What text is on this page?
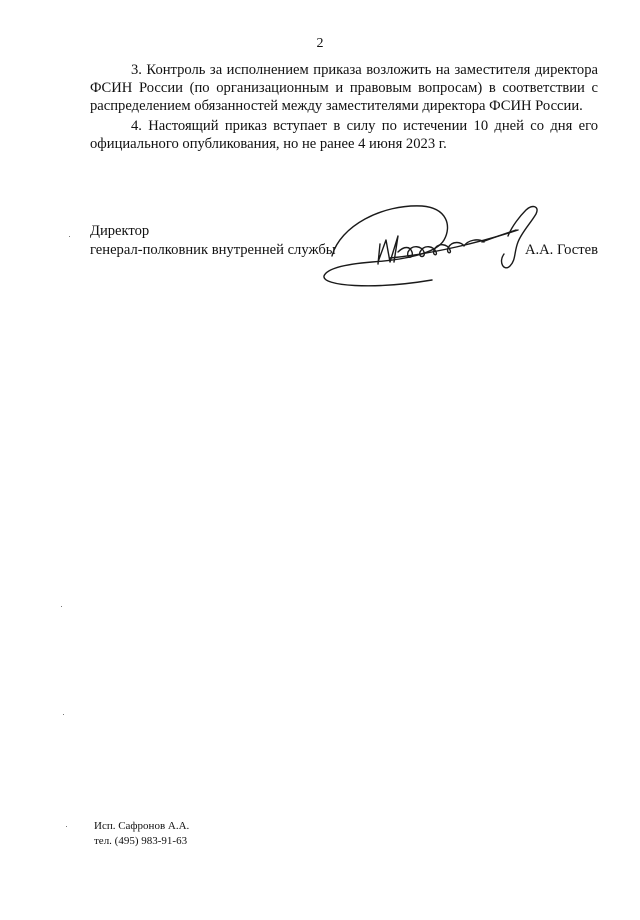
2

3. Контроль за исполнением приказа возложить на заместителя директора ФСИН России (по организационным и правовым вопросам) в соответствии с распределением обязанностей между заместителями директора ФСИН России.

4. Настоящий приказ вступает в силу по истечении 10 дней со дня его официального опубликования, но не ранее 4 июня 2023 г.

Директор
генерал-полковник внутренней службы	А.А. Гостев
Исп. Сафронов А.А.
тел. (495) 983-91-63
